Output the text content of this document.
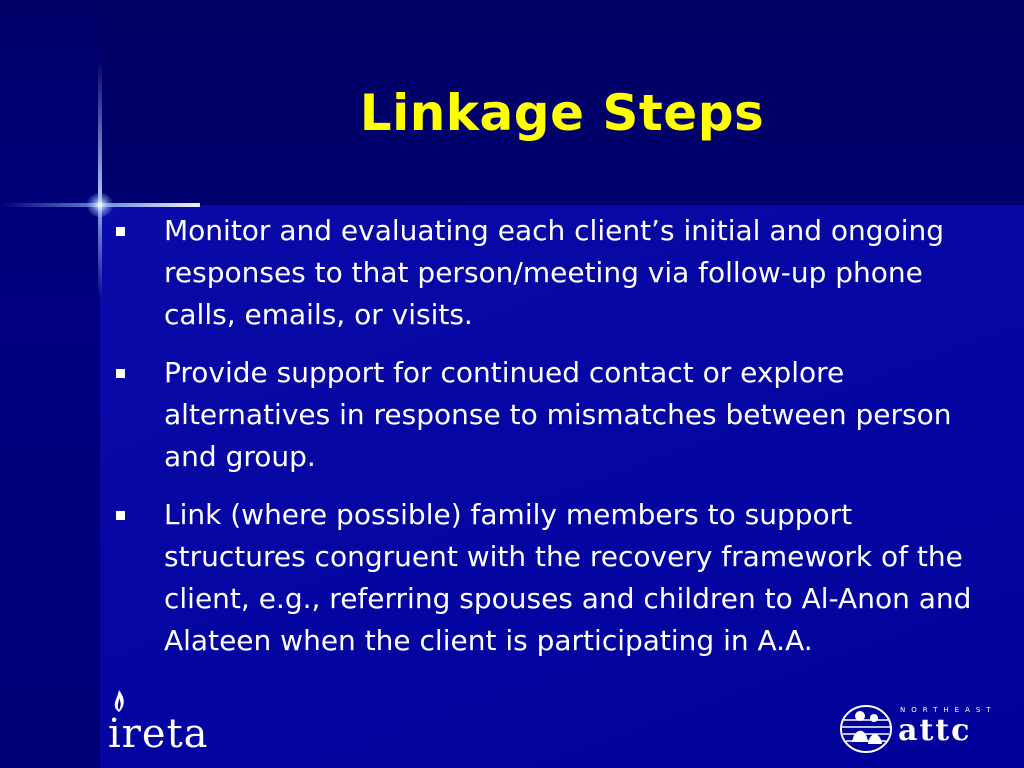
Linkage Steps
Monitor and evaluating each client’s initial and ongoing responses to that person/meeting via follow-up phone calls, emails, or visits.
Provide support for continued contact or explore alternatives in response to mismatches between person and group.
Link (where possible) family members to support structures congruent with the recovery framework of the client, e.g., referring spouses and children to Al-Anon and Alateen when the client is participating in A.A.
ireta
NORTHEAST
attc
